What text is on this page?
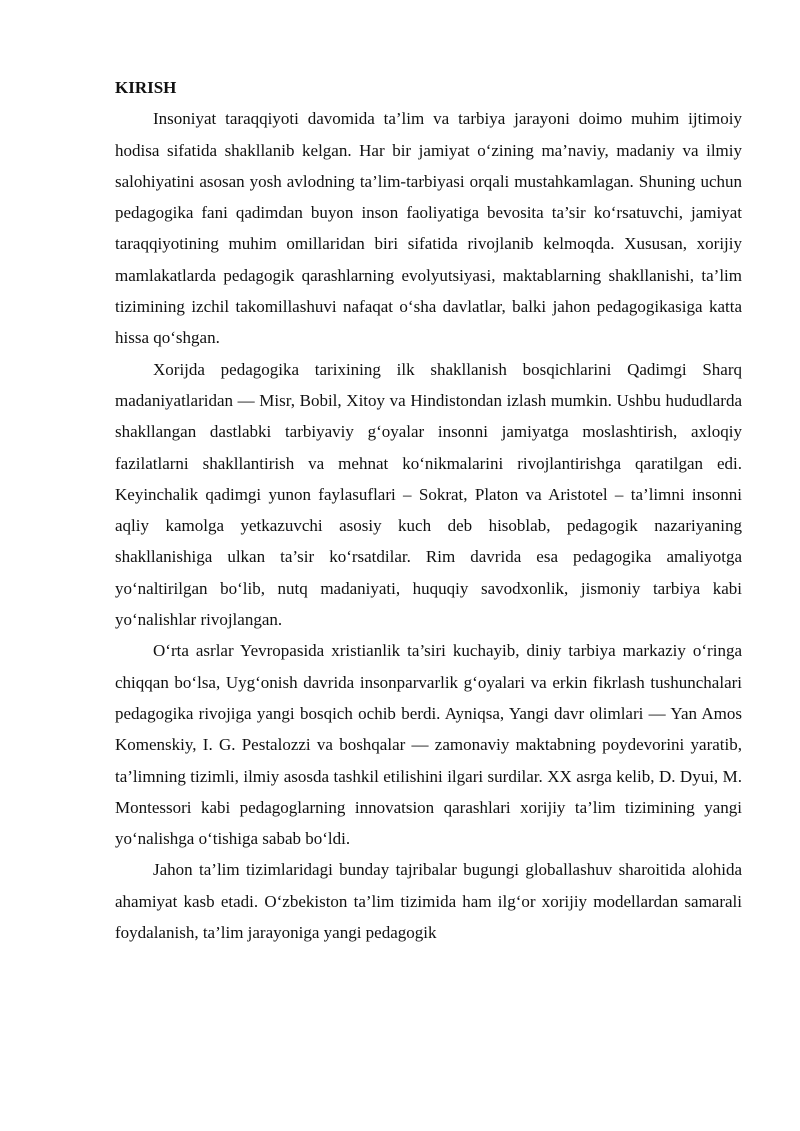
KIRISH

Insoniyat taraqqiyoti davomida ta’lim va tarbiya jarayoni doimo muhim ijtimoiy hodisa sifatida shakllanib kelgan. Har bir jamiyat o‘zining ma’naviy, madaniy va ilmiy salohiyatini asosan yosh avlodning ta’lim-tarbiyasi orqali mustahkamlagan. Shuning uchun pedagogika fani qadimdan buyon inson faoliyatiga bevosita ta’sir ko‘rsatuvchi, jamiyat taraqqiyotining muhim omillaridan biri sifatida rivojlanib kelmoqda. Xususan, xorijiy mamlakatlarda pedagogik qarashlarning evolyutsiyasi, maktablarning shakllanishi, ta’lim tizimining izchil takomillashuvi nafaqat o‘sha davlatlar, balki jahon pedagogikasiga katta hissa qo‘shgan.

Xorijda pedagogika tarixining ilk shakllanish bosqichlarini Qadimgi Sharq madaniyatlaridan — Misr, Bobil, Xitoy va Hindistondan izlash mumkin. Ushbu hududlarda shakllangan dastlabki tarbiyaviy g‘oyalar insonni jamiyatga moslashtirish, axloqiy fazilatlarni shakllantirish va mehnat ko‘nikmalarini rivojlantirishga qaratilgan edi. Keyinchalik qadimgi yunon faylasuflari – Sokrat, Platon va Aristotel – ta’limni insonni aqliy kamolga yetkazuvchi asosiy kuch deb hisoblab, pedagogik nazariyaning shakllanishiga ulkan ta’sir ko‘rsatdilar. Rim davrida esa pedagogika amaliyotga yo‘naltirilgan bo‘lib, nutq madaniyati, huquqiy savodxonlik, jismoniy tarbiya kabi yo‘nalishlar rivojlangan.

O‘rta asrlar Yevropasida xristianlik ta’siri kuchayib, diniy tarbiya markaziy o‘ringa chiqqan bo‘lsa, Uyg‘onish davrida insonparvarlik g‘oyalari va erkin fikrlash tushunchalari pedagogika rivojiga yangi bosqich ochib berdi. Ayniqsa, Yangi davr olimlari — Yan Amos Komenskiy, I. G. Pestalozzi va boshqalar — zamonaviy maktabning poydevorini yaratib, ta’limning tizimli, ilmiy asosda tashkil etilishini ilgari surdilar. XX asrga kelib, D. Dyui, M. Montessori kabi pedagoglarning innovatsion qarashlari xorijiy ta’lim tizimining yangi yo‘nalishga o‘tishiga sabab bo‘ldi.

Jahon ta’lim tizimlaridagi bunday tajribalar bugungi globallashuv sharoitida alohida ahamiyat kasb etadi. O‘zbekiston ta’lim tizimida ham ilg‘or xorijiy modellardan samarali foydalanish, ta’lim jarayoniga yangi pedagogik
